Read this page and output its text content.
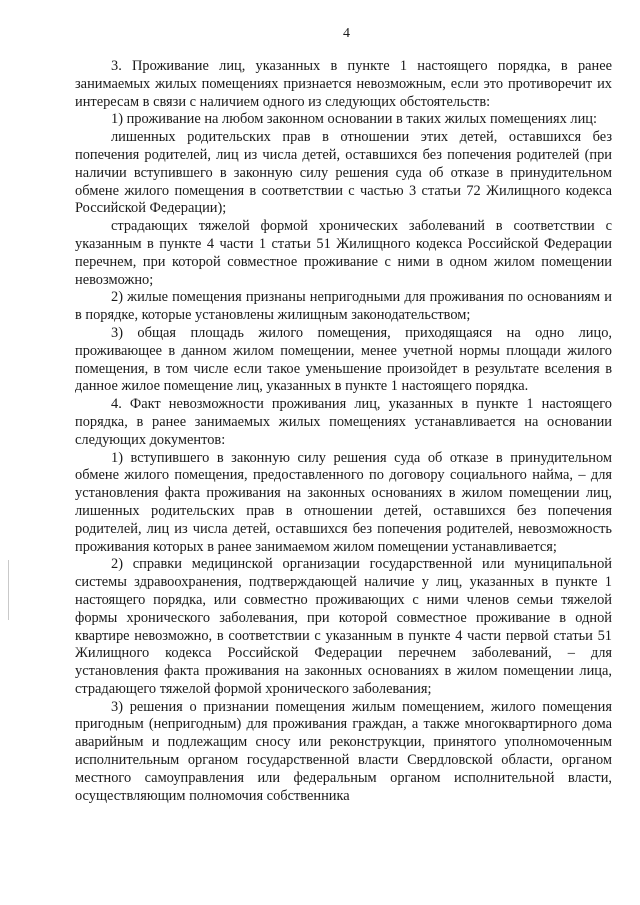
4

3. Проживание лиц, указанных в пункте 1 настоящего порядка, в ранее занимаемых жилых помещениях признается невозможным, если это противоречит их интересам в связи с наличием одного из следующих обстоятельств:

1) проживание на любом законном основании в таких жилых помещениях лиц:

лишенных родительских прав в отношении этих детей, оставшихся без попечения родителей, лиц из числа детей, оставшихся без попечения родителей (при наличии вступившего в законную силу решения суда об отказе в принудительном обмене жилого помещения в соответствии с частью 3 статьи 72 Жилищного кодекса Российской Федерации);

страдающих тяжелой формой хронических заболеваний в соответствии с указанным в пункте 4 части 1 статьи 51 Жилищного кодекса Российской Федерации перечнем, при которой совместное проживание с ними в одном жилом помещении невозможно;

2) жилые помещения признаны непригодными для проживания по основаниям и в порядке, которые установлены жилищным законодательством;

3) общая площадь жилого помещения, приходящаяся на одно лицо, проживающее в данном жилом помещении, менее учетной нормы площади жилого помещения, в том числе если такое уменьшение произойдет в результате вселения в данное жилое помещение лиц, указанных в пункте 1 настоящего порядка.

4. Факт невозможности проживания лиц, указанных в пункте 1 настоящего порядка, в ранее занимаемых жилых помещениях устанавливается на основании следующих документов:

1) вступившего в законную силу решения суда об отказе в принудительном обмене жилого помещения, предоставленного по договору социального найма, – для установления факта проживания на законных основаниях в жилом помещении лиц, лишенных родительских прав в отношении детей, оставшихся без попечения родителей, лиц из числа детей, оставшихся без попечения родителей, невозможность проживания которых в ранее занимаемом жилом помещении устанавливается;

2) справки медицинской организации государственной или муниципальной системы здравоохранения, подтверждающей наличие у лиц, указанных в пункте 1 настоящего порядка, или совместно проживающих с ними членов семьи тяжелой формы хронического заболевания, при которой совместное проживание в одной квартире невозможно, в соответствии с указанным в пункте 4 части первой статьи 51 Жилищного кодекса Российской Федерации перечнем заболеваний, – для установления факта проживания на законных основаниях в жилом помещении лица, страдающего тяжелой формой хронического заболевания;

3) решения о признании помещения жилым помещением, жилого помещения пригодным (непригодным) для проживания граждан, а также многоквартирного дома аварийным и подлежащим сносу или реконструкции, принятого уполномоченным исполнительным органом государственной власти Свердловской области, органом местного самоуправления или федеральным органом исполнительной власти, осуществляющим полномочия собственника
